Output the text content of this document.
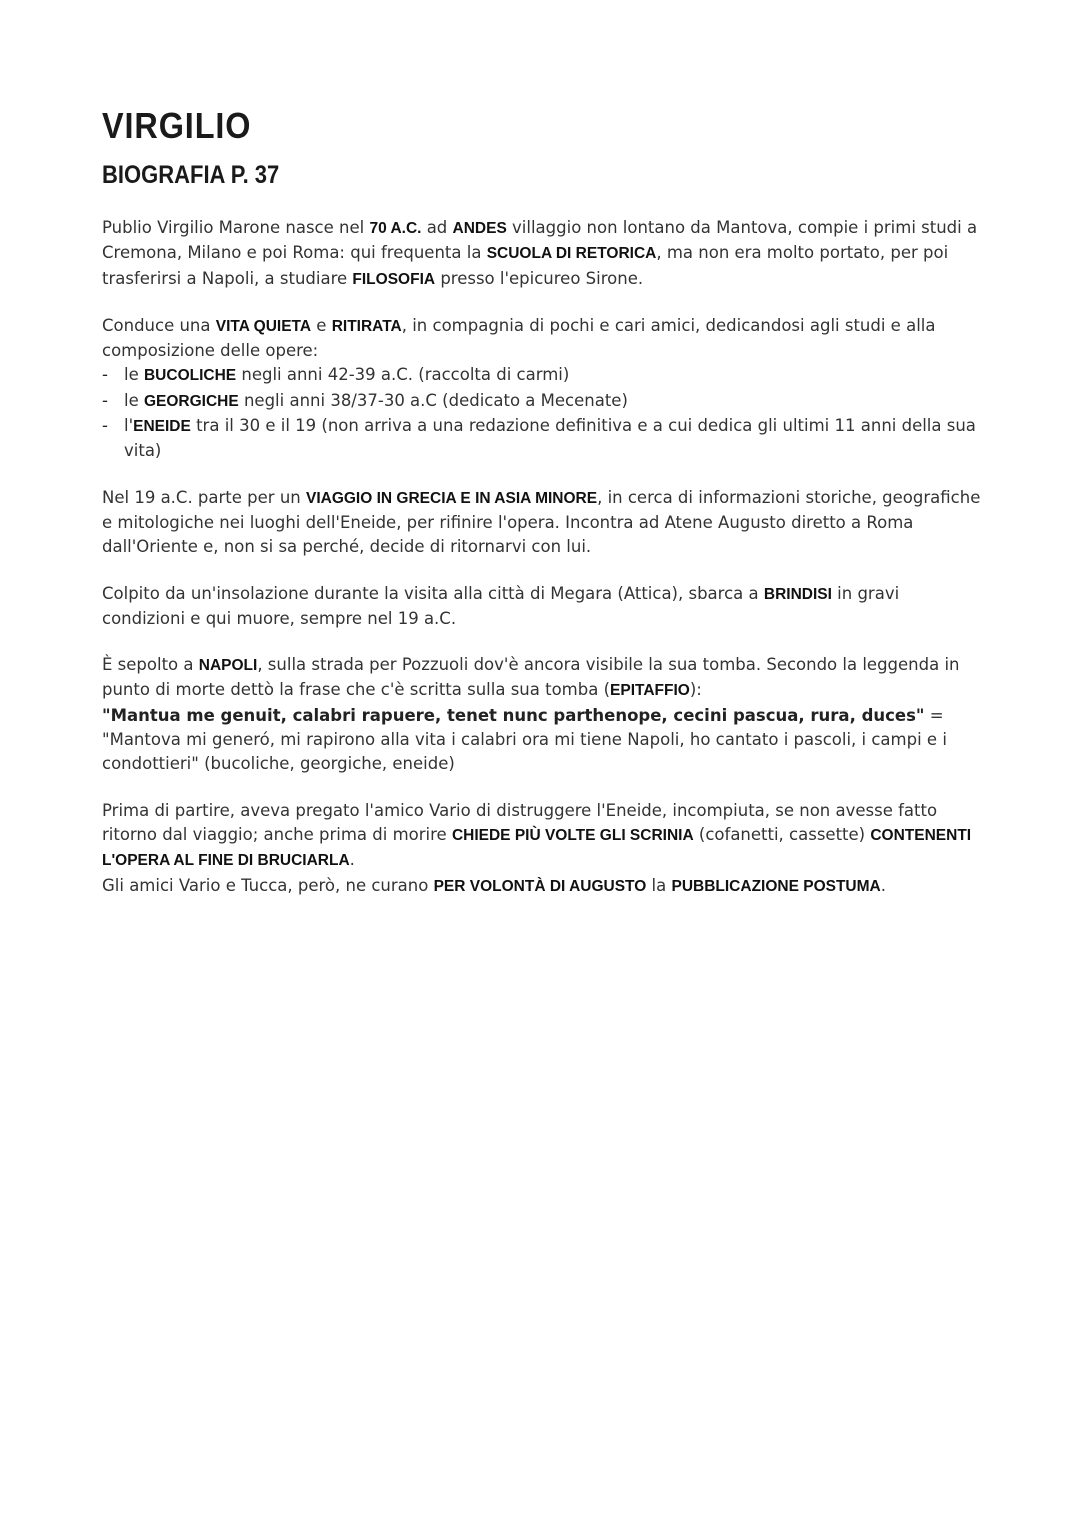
VIRGILIO
BIOGRAFIA P. 37

Publio Virgilio Marone nasce nel 70 A.C. ad ANDES villaggio non lontano da Mantova, compie i primi studi a Cremona, Milano e poi Roma: qui frequenta la SCUOLA DI RETORICA, ma non era molto portato, per poi trasferirsi a Napoli, a studiare FILOSOFIA presso l'epicureo Sirone.

Conduce una VITA QUIETA e RITIRATA, in compagnia di pochi e cari amici, dedicandosi agli studi e alla composizione delle opere:

- le BUCOLICHE negli anni 42-39 a.C. (raccolta di carmi)
- le GEORGICHE negli anni 38/37-30 a.C (dedicato a Mecenate)
- l'ENEIDE tra il 30 e il 19 (non arriva a una redazione definitiva e a cui dedica gli ultimi 11 anni della sua vita)

Nel 19 a.C. parte per un VIAGGIO IN GRECIA E IN ASIA MINORE, in cerca di informazioni storiche, geografiche e mitologiche nei luoghi dell'Eneide, per rifinire l'opera. Incontra ad Atene Augusto diretto a Roma dall'Oriente e, non si sa perché, decide di ritornarvi con lui.

Colpito da un'insolazione durante la visita alla città di Megara (Attica), sbarca a BRINDISI in gravi condizioni e qui muore, sempre nel 19 a.C.

È sepolto a NAPOLI, sulla strada per Pozzuoli dov'è ancora visibile la sua tomba. Secondo la leggenda in punto di morte dettò la frase che c'è scritta sulla sua tomba (EPITAFFIO):
"Mantua me genuit, calabri rapuere, tenet nunc parthenope, cecini pascua, rura, duces" = "Mantova mi generó, mi rapirono alla vita i calabri ora mi tiene Napoli, ho cantato i pascoli, i campi e i condottieri" (bucoliche, georgiche, eneide)

Prima di partire, aveva pregato l'amico Vario di distruggere l'Eneide, incompiuta, se non avesse fatto ritorno dal viaggio; anche prima di morire CHIEDE PIÙ VOLTE GLI SCRINIA (cofanetti, cassette) CONTENENTI L'OPERA AL FINE DI BRUCIARLA.

Gli amici Vario e Tucca, però, ne curano PER VOLONTÀ DI AUGUSTO la PUBBLICAZIONE POSTUMA.
